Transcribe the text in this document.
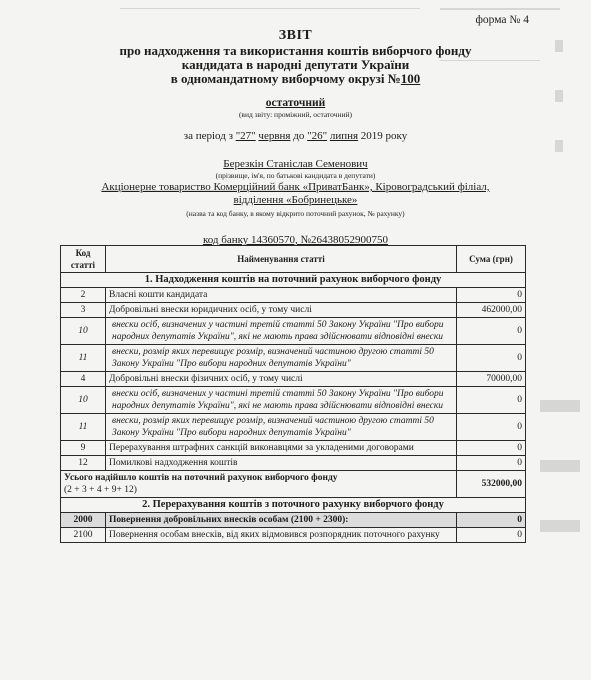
форма № 4
ЗВІТ
про надходження та використання коштів виборчого фонду
кандидата в народні депутати України
в одномандатному виборчому окрузі №100
остаточний
(вид звіту: проміжний, остаточний)
за період з "27" червня до "26" липня 2019 року
Березкін Станіслав Семенович
(прізвище, ім'я, по батькові кандидата в депутати)
Акціонерне товариство Комерційний банк «ПриватБанк», Кіровоградський філіал,
відділення «Бобринецьке»
(назва та код банку, в якому відкрито поточний рахунок, № рахунку)
код банку 14360570, №26438052900750
Код статті	Найменування статті	Сума (грн)
1. Надходження коштів на поточний рахунок виборчого фонду		
2	Власні кошти кандидата	0
3	Добровільні внески юридичних осіб, у тому числі	462000,00
10	внески осіб, визначених у частині третій статті 50 Закону України "Про вибори народних депутатів України", які не мають права здійснювати відповідні внески	0
11	внески, розмір яких перевищує розмір, визначений частиною другою статті 50 Закону України "Про вибори народних депутатів України"	0
4	Добровільні внески фізичних осіб, у тому числі	70000,00
10	внески осіб, визначених у частині третій статті 50 Закону України "Про вибори народних депутатів України", які не мають права здійснювати відповідні внески	0
11	внески, розмір яких перевищує розмір, визначений частиною другою статті 50 Закону України "Про вибори народних депутатів України"	0
9	Перерахування штрафних санкцій виконавцями за укладеними договорами	0
12	Помилкові надходження коштів	0

Усього надійшло коштів на поточний рахунок виборчого фонду
(2 + 3 + 4 + 9+ 12)		532000,00
2. Перерахування коштів з поточного рахунку виборчого фонду		
2000	Повернення добровільних внесків особам (2100 + 2300):	0
2100	Повернення особам внесків, від яких відмовився розпорядник поточного рахунку	0
